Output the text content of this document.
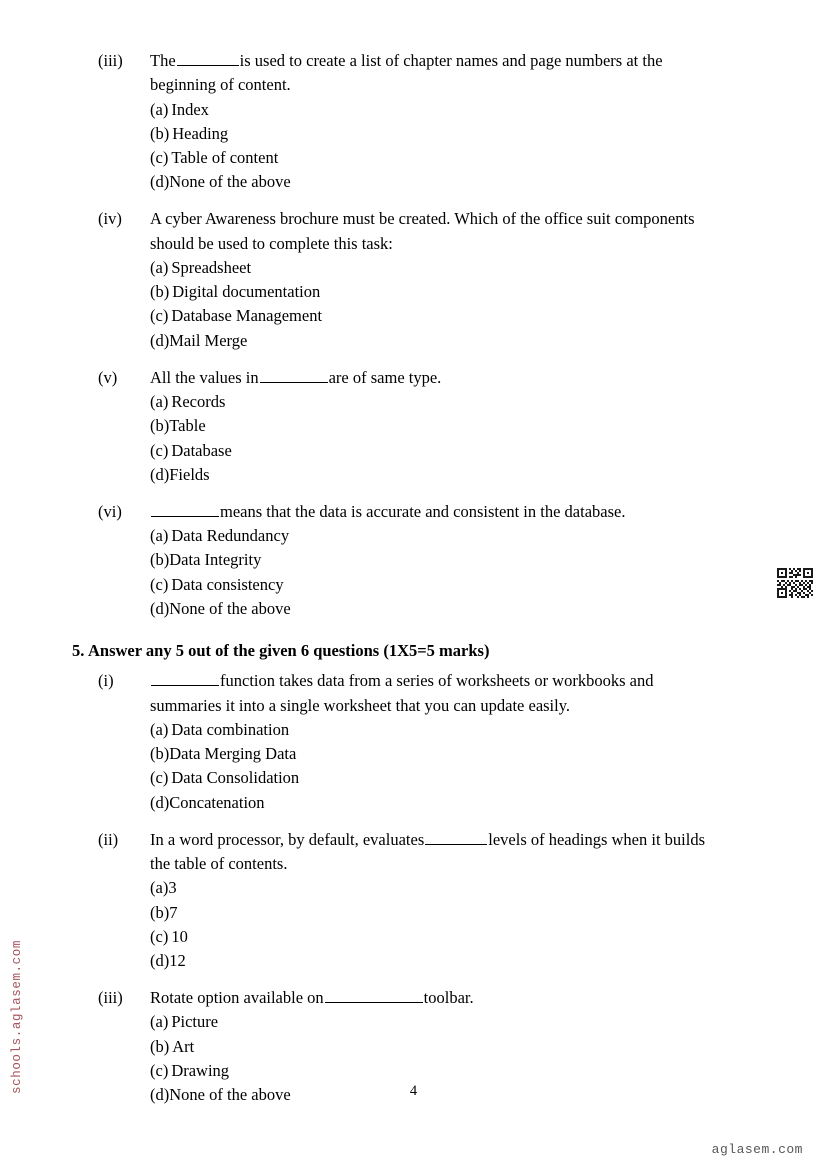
(iii)	The	is used to create a list of chapter names and page numbers at the beginning of content.
(a) Index
(b) Heading
(c) Table of content
(d)None of the above
(iv)	A cyber Awareness brochure must be created. Which of the office suit components should be used to complete this task:
(a) Spreadsheet
(b) Digital documentation
(c) Database Management
(d)Mail Merge
(v)	All the values in	are of same type.
(a) Records
(b)Table
(c) Database
(d)Fields
(vi)	means that the data is accurate and consistent in the database.
(a) Data Redundancy
(b)Data Integrity
(c) Data consistency
(d)None of the above
5. Answer any 5 out of the given 6 questions (1X5=5 marks)
(i)	function takes data from a series of worksheets or workbooks and summaries it into a single worksheet that you can update easily.
(a) Data combination
(b)Data Merging Data
(c) Data Consolidation
(d)Concatenation
(ii)	In a word processor, by default, evaluates	levels of headings when it builds the table of contents.
(a)3
(b)7
(c) 10
(d)12
(iii)	Rotate option available on	toolbar.
(a) Picture
(b) Art
(c) Drawing
(d)None of the above	4
schools.aglasem.com
aglasem.com
